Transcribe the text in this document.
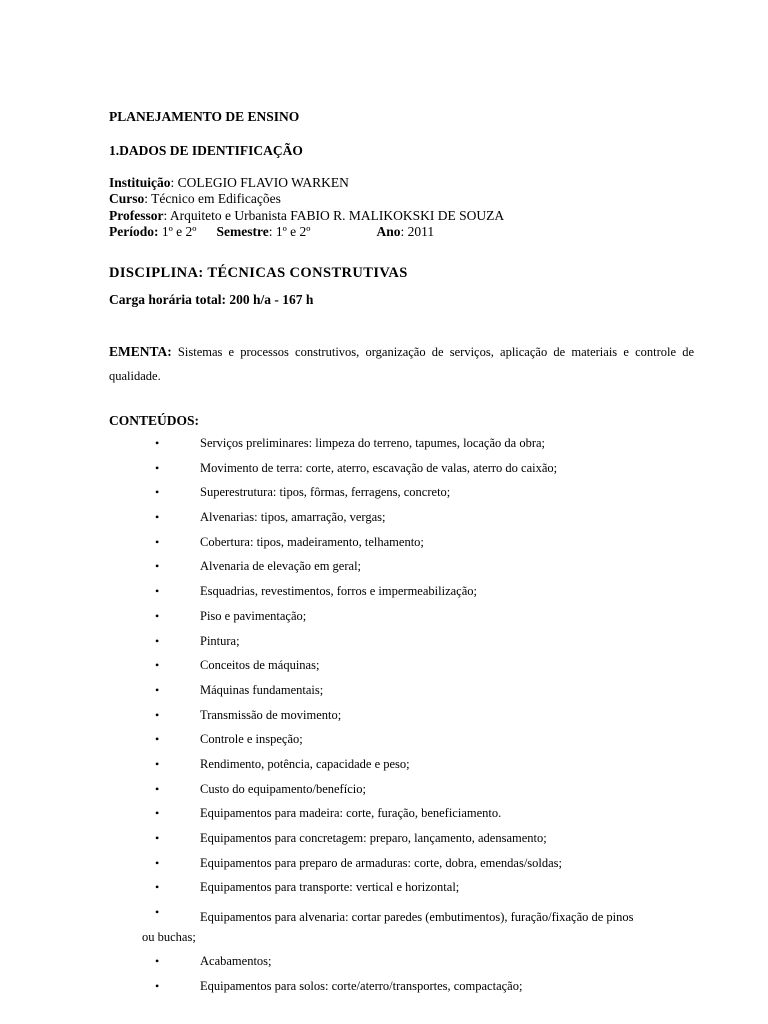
PLANEJAMENTO DE ENSINO
1.DADOS DE IDENTIFICAÇÃO
Instituição: COLEGIO FLAVIO WARKEN
Curso: Técnico em Edificações
Professor: Arquiteto e Urbanista FABIO R. MALIKOKSKI DE SOUZA
Período: 1º e 2º Semestre: 1º e 2º	Ano: 2011
DISCIPLINA: TÉCNICAS CONSTRUTIVAS
Carga horária total: 200 h/a - 167 h
EMENTA: Sistemas e processos construtivos, organização de serviços, aplicação de materiais e controle de qualidade.
CONTEÚDOS:
•	Serviços preliminares: limpeza do terreno, tapumes, locação da obra;
•	Movimento de terra: corte, aterro, escavação de valas, aterro do caixão;
•	Superestrutura: tipos, fôrmas, ferragens, concreto;
•	Alvenarias: tipos, amarração, vergas;
•	Cobertura: tipos, madeiramento, telhamento;
•	Alvenaria de elevação em geral;
•	Esquadrias, revestimentos, forros e impermeabilização;
•	Piso e pavimentação;
•	Pintura;
•	Conceitos de máquinas;
•	Máquinas fundamentais;
•	Transmissão de movimento;
•	Controle e inspeção;
•	Rendimento, potência, capacidade e peso;
•	Custo do equipamento/benefício;
•	Equipamentos para madeira: corte, furação, beneficiamento.
•	Equipamentos para concretagem: preparo, lançamento, adensamento;
•	Equipamentos para preparo de armaduras: corte, dobra, emendas/soldas;
•	Equipamentos para transporte: vertical e horizontal;
•	Equipamentos para alvenaria: cortar paredes (embutimentos), furação/fixação de pinos
ou buchas;
•	Acabamentos;
•	Equipamentos para solos: corte/aterro/transportes, compactação;
